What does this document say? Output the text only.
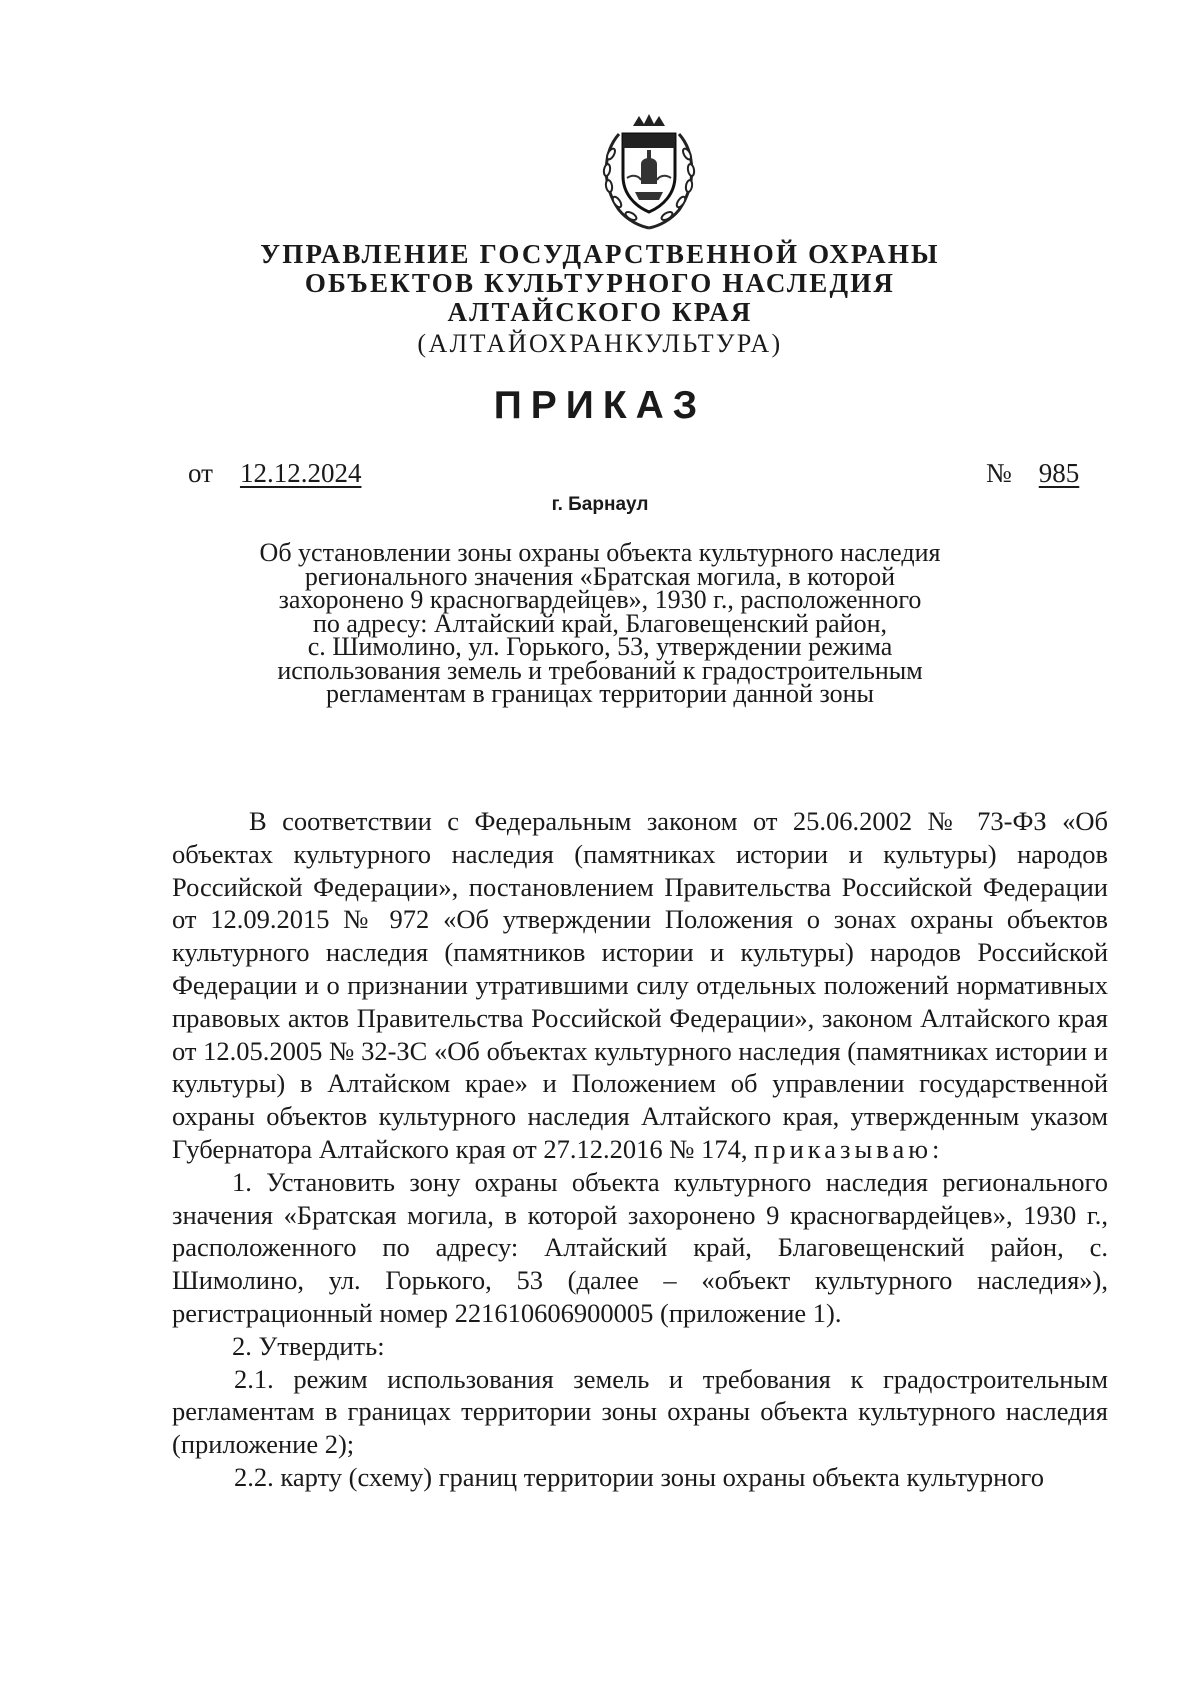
УПРАВЛЕНИЕ ГОСУДАРСТВЕННОЙ ОХРАНЫ
ОБЪЕКТОВ КУЛЬТУРНОГО НАСЛЕДИЯ
АЛТАЙСКОГО КРАЯ
(АЛТАЙОХРАНКУЛЬТУРА)
ПРИКАЗ
от 12.12.2024	№ 985
г. Барнаул
Об установлении зоны охраны объекта культурного наследия
регионального значения «Братская могила, в которой
захоронено 9 красногвардейцев», 1930 г., расположенного
по адресу: Алтайский край, Благовещенский район,
с. Шимолино, ул. Горького, 53, утверждении режима
использования земель и требований к градостроительным
регламентам в границах территории данной зоны

В соответствии с Федеральным законом от 25.06.2002 № 73-ФЗ «Об объектах культурного наследия (памятниках истории и культуры) народов Российской Федерации», постановлением Правительства Российской Федерации от 12.09.2015 № 972 «Об утверждении Положения о зонах охраны объектов культурного наследия (памятников истории и культуры) народов Российской Федерации и о признании утратившими силу отдельных положений нормативных правовых актов Правительства Российской Федерации», законом Алтайского края от 12.05.2005 № 32-ЗС «Об объектах культурного наследия (памятниках истории и культуры) в Алтайском крае» и Положением об управлении государственной охраны объектов культурного наследия Алтайского края, утвержденным указом Губернатора Алтайского края от 27.12.2016 № 174, приказываю:

1. Установить зону охраны объекта культурного наследия регионального значения «Братская могила, в которой захоронено 9 красногвардейцев», 1930 г., расположенного по адресу: Алтайский край, Благовещенский район, с. Шимолино, ул. Горького, 53 (далее – «объект культурного наследия»), регистрационный номер 221610606900005 (приложение 1).

2. Утвердить:

2.1. режим использования земель и требования к градостроительным регламентам в границах территории зоны охраны объекта культурного наследия (приложение 2);

2.2. карту (схему) границ территории зоны охраны объекта культурного
